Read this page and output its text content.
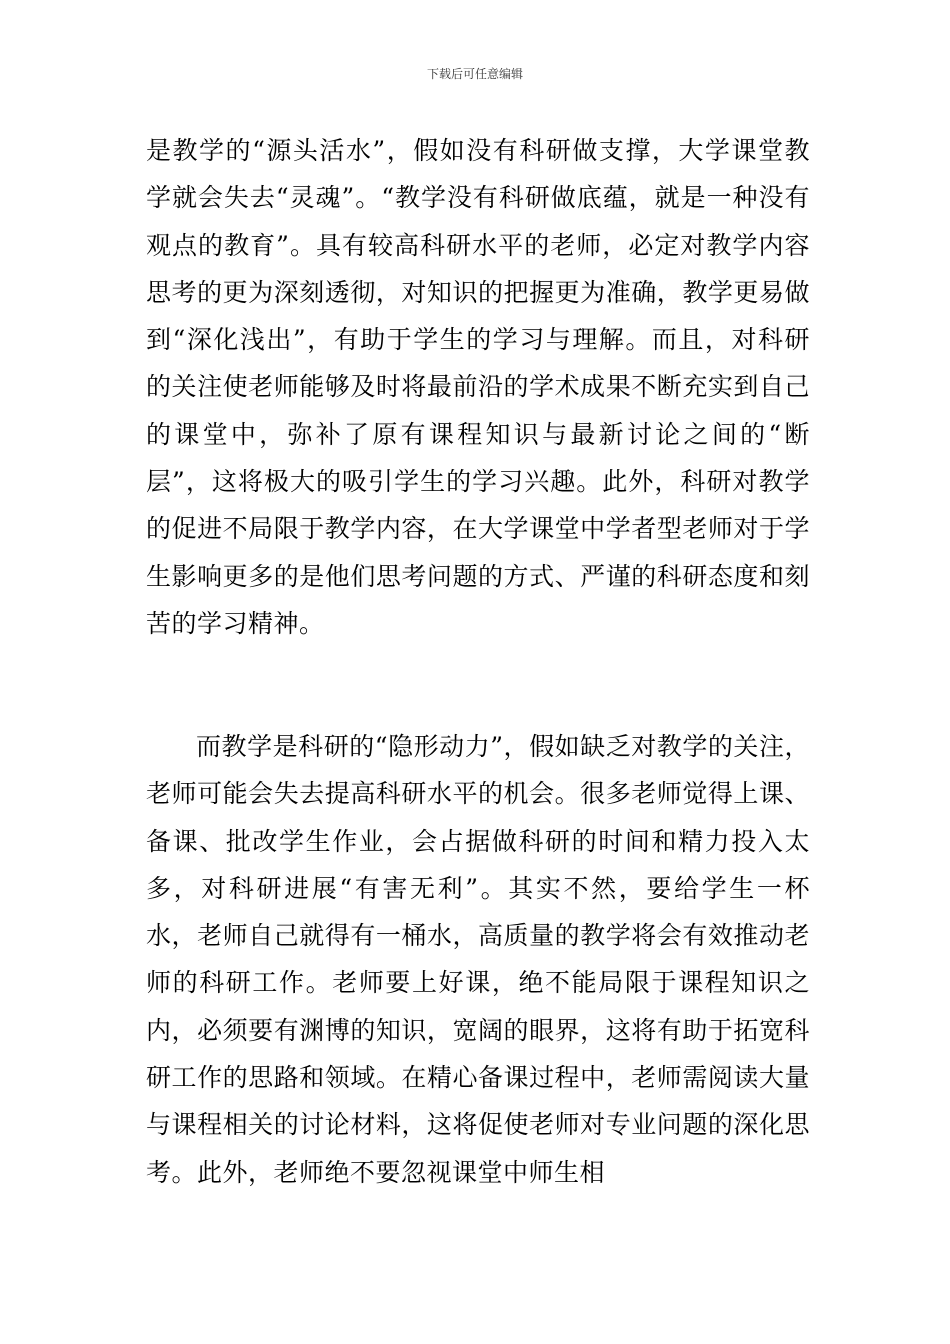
下载后可任意编辑

是教学的“源头活水”，假如没有科研做支撑，大学课堂教学就会失去“灵魂”。“教学没有科研做底蕴，就是一种没有观点的教育”。具有较高科研水平的老师，必定对教学内容思考的更为深刻透彻，对知识的把握更为准确，教学更易做到“深化浅出”，有助于学生的学习与理解。而且，对科研的关注使老师能够及时将最前沿的学术成果不断充实到自己的课堂中，弥补了原有课程知识与最新讨论之间的“断层”，这将极大的吸引学生的学习兴趣。此外，科研对教学的促进不局限于教学内容，在大学课堂中学者型老师对于学生影响更多的是他们思考问题的方式、严谨的科研态度和刻苦的学习精神。

而教学是科研的“隐形动力”，假如缺乏对教学的关注，老师可能会失去提高科研水平的机会。很多老师觉得上课、备课、批改学生作业，会占据做科研的时间和精力投入太多，对科研进展“有害无利”。其实不然，要给学生一杯水，老师自己就得有一桶水，高质量的教学将会有效推动老师的科研工作。老师要上好课，绝不能局限于课程知识之内，必须要有渊博的知识，宽阔的眼界，这将有助于拓宽科研工作的思路和领域。在精心备课过程中，老师需阅读大量与课程相关的讨论材料，这将促使老师对专业问题的深化思考。此外，老师绝不要忽视课堂中师生相
